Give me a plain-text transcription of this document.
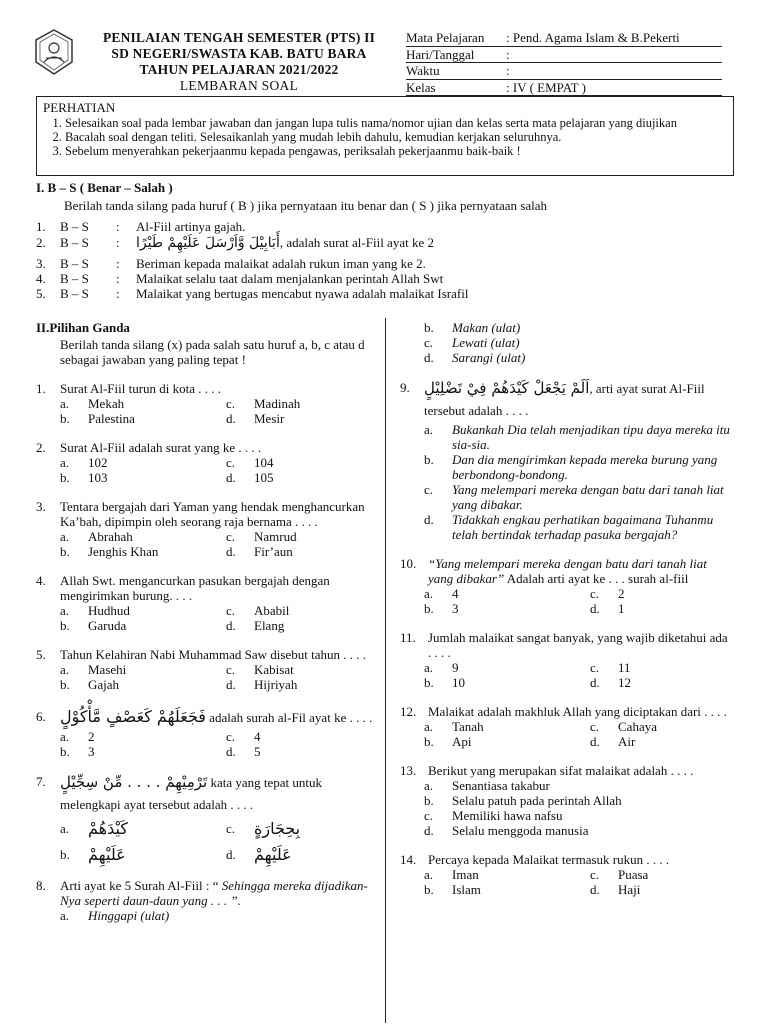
PENILAIAN TENGAH SEMESTER (PTS) II
SD NEGERI/SWASTA KAB. BATU BARA
TAHUN PELAJARAN 2021/2022
LEMBARAN SOAL
Mata Pelajaran	: Pend. Agama Islam & B.Pekerti
Hari/Tanggal	:
Waktu	:
Kelas	: IV ( EMPAT )
PERHATIAN
1. Selesaikan soal pada lembar jawaban dan jangan lupa tulis nama/nomor ujian dan kelas serta mata pelajaran yang diujikan
2. Bacalah soal dengan teliti. Selesaikanlah yang mudah lebih dahulu, kemudian kerjakan seluruhnya.
3. Sebelum menyerahkan pekerjaanmu kepada pengawas, periksalah pekerjaanmu baik-baik !
I. B – S ( Benar – Salah )
Berilah tanda silang pada huruf ( B ) jika pernyataan itu benar dan ( S ) jika pernyataan salah
1.	B – S	:	Al-Fiil artinya gajah.
2.	B – S	:	أَبَابِيْلَ وَّاَرْسَلَ عَلَيْهِمْ طَيْرًا , adalah surat al-Fiil ayat ke 2
3.	B – S	:	Beriman kepada malaikat adalah rukun iman yang ke 2.
4.	B – S	:	Malaikat selalu taat dalam menjalankan perintah Allah Swt
5.	B – S	:	Malaikat yang bertugas mencabut nyawa adalah malaikat Israfil
II.Pilihan Ganda
Berilah tanda silang (x) pada salah satu huruf a, b, c atau d sebagai jawaban yang paling tepat !
1.	Surat Al-Fiil turun di kota . . . .
a.	Mekah	c.	Madinah
b.	Palestina	d.	Mesir
2.	Surat Al-Fiil adalah surat yang ke . . . .
a.	102	c.	104
b.	103	d.	105
3.	Tentara bergajah dari Yaman yang hendak menghancurkan Ka’bah, dipimpin oleh seorang raja bernama . . . .
a.	Abrahah	c.	Namrud
b.	Jenghis Khan	d.	Fir’aun
4.	Allah Swt. mengancurkan pasukan bergajah dengan mengirimkan burung. . . .
a.	Hudhud	c.	Ababil
b.	Garuda	d.	Elang
5.	Tahun Kelahiran Nabi Muhammad Saw disebut tahun . . . .
a.	Masehi	c.	Kabisat
b.	Gajah	d.	Hijriyah
6. فَجَعَلَهُمْ كَعَصْفٍ مَّأْكُوْلٍ adalah surah al-Fil ayat ke . . . .
a.	2	c.	4
b.	3	d.	5
7. تَرْمِيْهِمْ . . . . مِّنْ سِجِّيْلٍ kata yang tepat untuk melengkapi ayat tersebut adalah . . . .
a.	كَيْدَهُمْ	c.	بِحِجَارَةٍ
b.	عَلَيْهِمْ	d.	عَلَيْهِمْ
8.	Arti ayat ke 5 Surah Al-Fiil : “ Sehingga mereka dijadikan-Nya seperti daun-daun yang . . . ”.
a.	Hinggapi (ulat)
b.	Makan (ulat)
c.	Lewati (ulat)
d.	Sarangi (ulat)
9. اَلَمْ يَجْعَلْ كَيْدَهُمْ فِيْ تَضْلِيْلٍ, arti ayat surat Al-Fiil tersebut adalah . . . .
a.	Bukankah Dia telah menjadikan tipu daya mereka itu sia-sia.
b.	Dan dia mengirimkan kepada mereka burung yang berbondong-bondong.
c.	Yang melempari mereka dengan batu dari tanah liat yang dibakar.
d.	Tidakkah engkau perhatikan bagaimana Tuhanmu telah bertindak terhadap pasuka bergajah?
10. “Yang melempari mereka dengan batu dari tanah liat yang dibakar” Adalah arti ayat ke . . . surah al-fiil
a.	4	c.	2
b.	3	d.	1
11. Jumlah malaikat sangat banyak, yang wajib diketahui ada . . . .
a.	9	c.	11
b.	10	d.	12
12. Malaikat adalah makhluk Allah yang diciptakan dari . . . .
a.	Tanah	c.	Cahaya
b.	Api	d.	Air
13. Berikut yang merupakan sifat malaikat adalah . . . .
a.	Senantiasa takabur
b.	Selalu patuh pada perintah Allah
c.	Memiliki hawa nafsu
d.	Selalu menggoda manusia
14. Percaya kepada Malaikat termasuk rukun . . . .
a.	Iman	c.	Puasa
b.	Islam	d.	Haji
